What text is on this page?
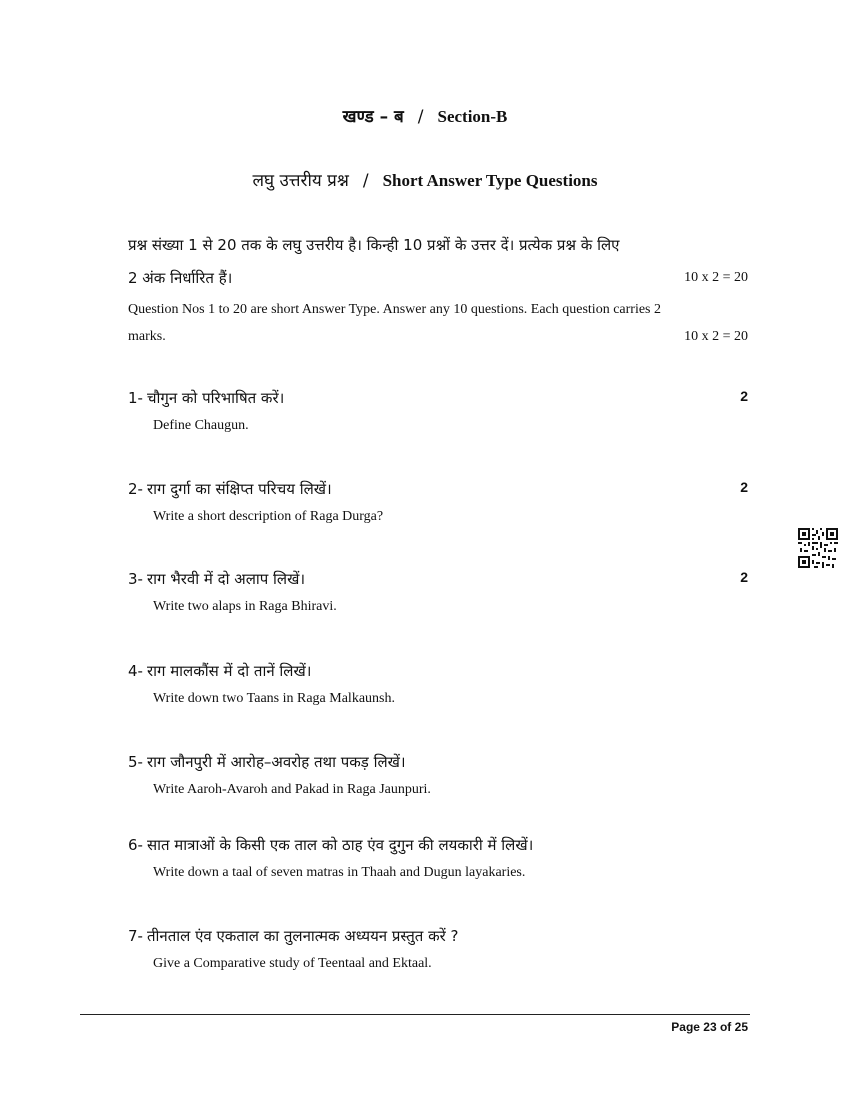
खण्ड – ब / Section-B
लघु उत्तरीय प्रश्न / Short Answer Type Questions
प्रश्न संख्या 1 से 20 तक के लघु उत्तरीय है। किन्ही 10 प्रश्नों के उत्तर दें। प्रत्येक प्रश्न के लिए
2 अंक निर्धारित हैं।	10 x 2 = 20
Question Nos 1 to 20 are short Answer Type. Answer any 10 questions. Each question carries 2
marks.	10 x 2 = 20
1- चौगुन को परिभाषित करें।	2
Define Chaugun.
2- राग दुर्गा का संक्षिप्त परिचय लिखें।	2
Write a short description of Raga Durga?
3- राग भैरवी में दो अलाप लिखें।	2
Write two alaps in Raga Bhiravi.
4- राग मालकौंस में दो तानें लिखें।
Write down two Taans in Raga Malkaunsh.
5- राग जौनपुरी में आरोह–अवरोह तथा पकड़ लिखें।
Write Aaroh-Avaroh and Pakad in Raga Jaunpuri.
6- सात मात्राओं के किसी एक ताल को ठाह एंव दुगुन की लयकारी में लिखें।
Write down a taal of seven matras in Thaah and Dugun layakaries.
7- तीनताल एंव एकताल का तुलनात्मक अध्ययन प्रस्तुत करें ?
Give a Comparative study of Teentaal and Ektaal.
Page 23 of 25
